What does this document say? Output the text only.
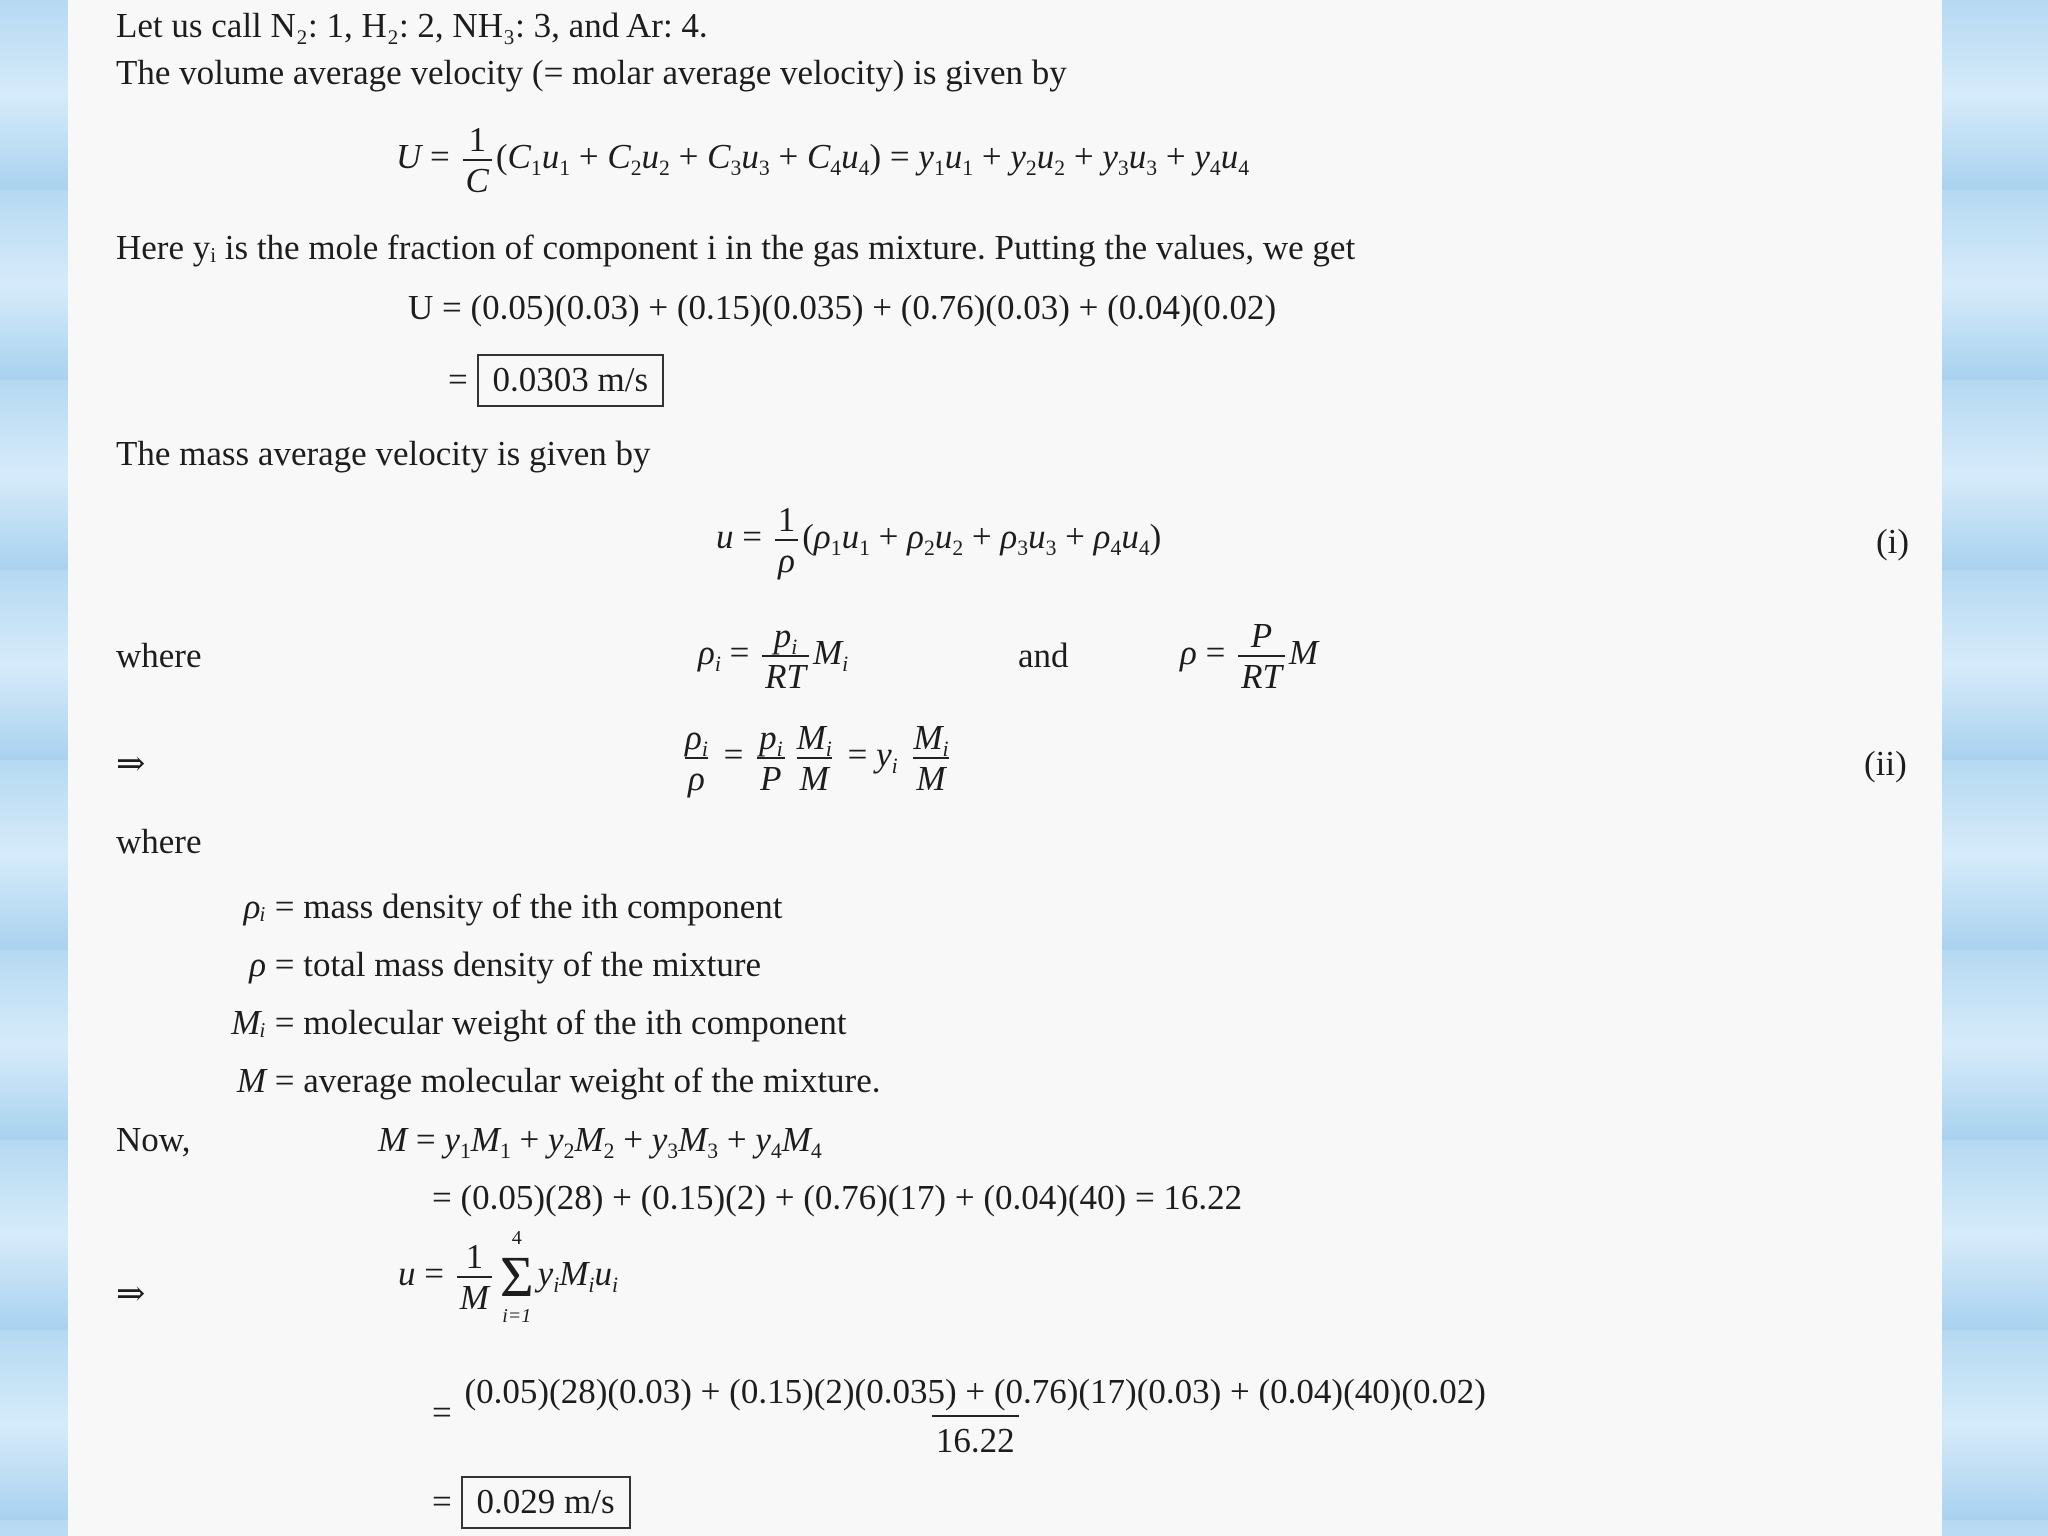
Let us call N₂: 1, H₂: 2, NH₃: 3, and Ar: 4.
The volume average velocity (= molar average velocity) is given by
$U = \frac{1}{C} (C_1u_1 + C_2u_2 + C_3u_3 + C_4u_4) = y_1u_1 + y_2u_2 + y_3u_3 + y_4u_4$
Here yᵢ is the mole fraction of component i in the gas mixture. Putting the values, we get
U = (0.05)(0.03) + (0.15)(0.035) + (0.76)(0.03) + (0.04)(0.02)
= 0.0303 m/s
The mass average velocity is given by
$u = \frac{1}{\rho} (\rho_1u_1 + \rho_2u_2 + \rho_3u_3 + \rho_4u_4)$	(i)
where	$\rho_i = \frac{p_i}{RT} M_i$	and	$\rho = \frac{P}{RT}$ M
⇒	$\frac{\rho_i}{\rho} = \frac{p_i}{P} \frac{M_i}{M} = y_i \frac{M_i}{M}$	(ii)
where
ρᵢ = mass density of the ith component
ρ = total mass density of the mixture
Mᵢ = molecular weight of the ith component
M = average molecular weight of the mixture.
Now,	$M = y_1M_1 + y_2M_2 + y_3M_3 + y_4M_4$
= (0.05)(28) + (0.15)(2) + (0.76)(17) + (0.04)(40) = 16.22
⇒
$u = \frac{1}{M}$
4
Σ
i=1
$y_iM_iu_i$
=
(0.05)(28)(0.03) + (0.15)(2)(0.035) + (0.76)(17)(0.03) + (0.04)(40)(0.02)
16.22
= 0.029 m/s
